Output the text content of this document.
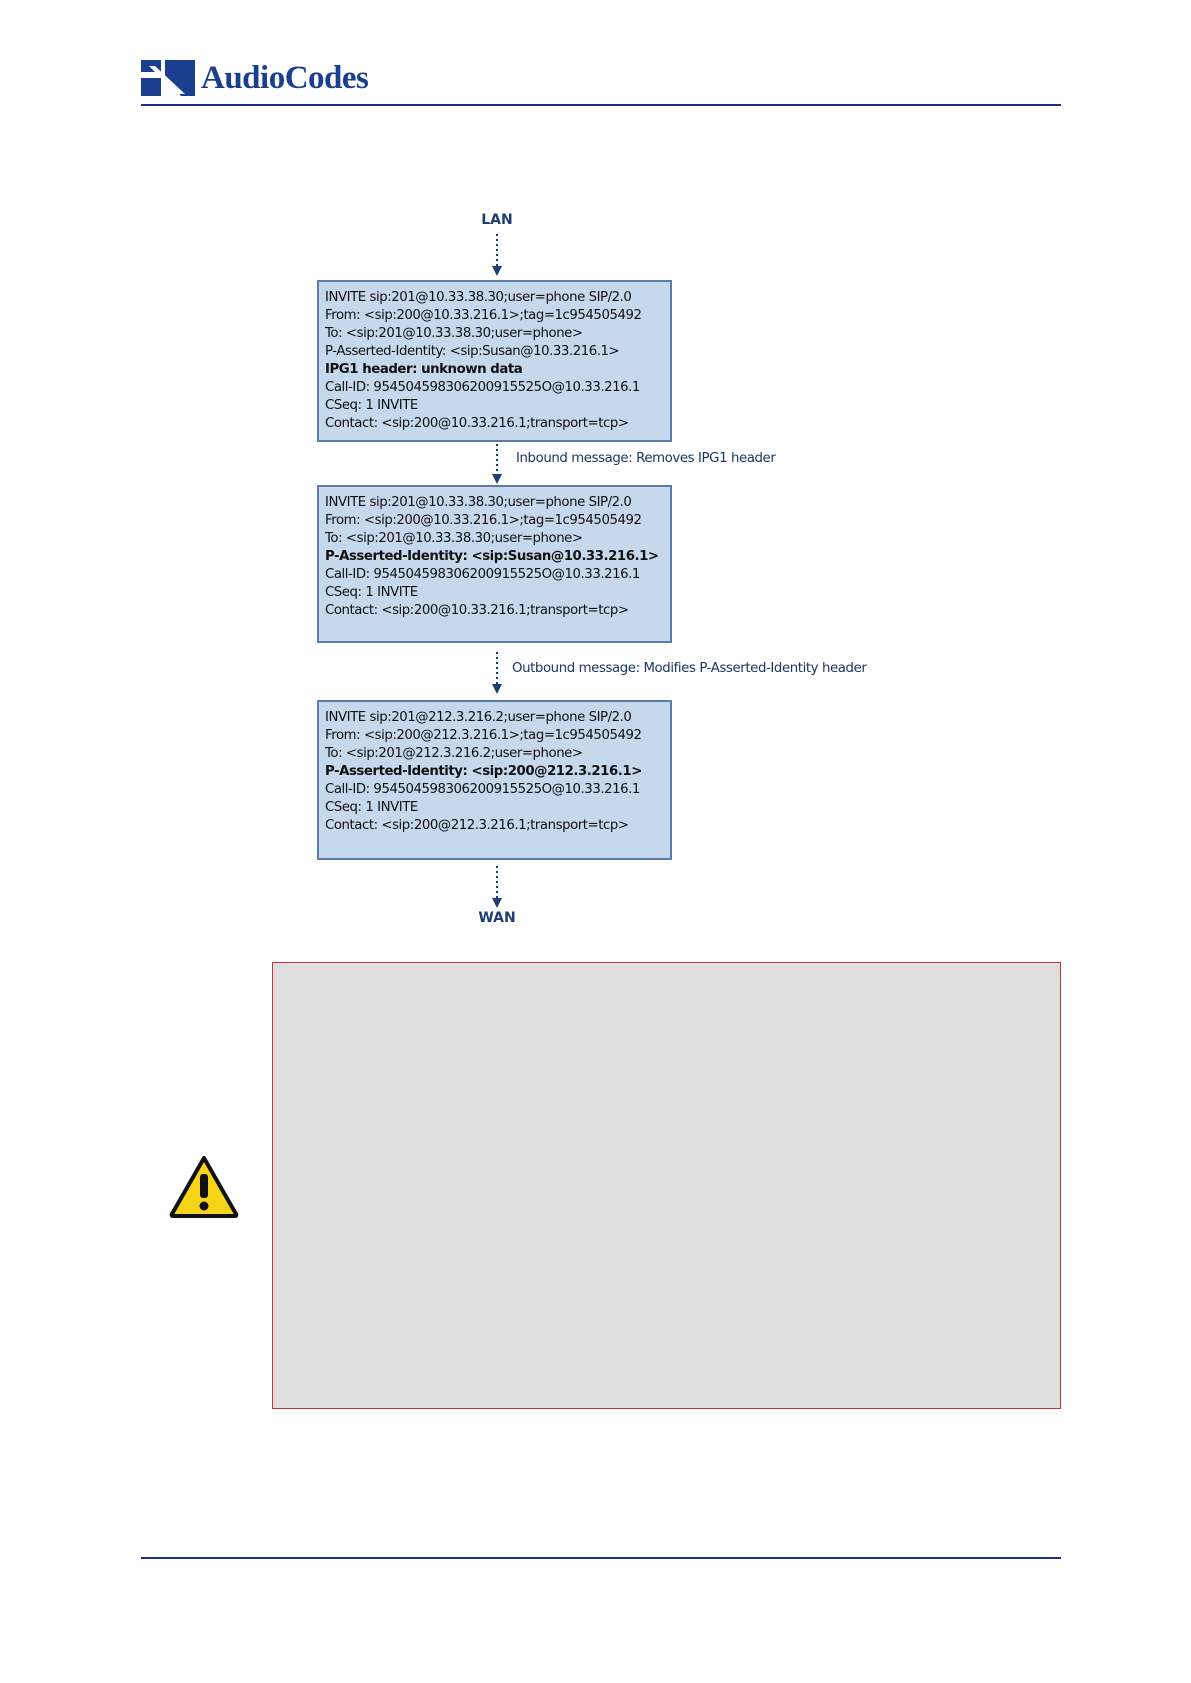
AudioCodes
LAN
INVITE sip:201@10.33.38.30;user=phone SIP/2.0
From: <sip:200@10.33.216.1>;tag=1c954505492
To: <sip:201@10.33.38.30;user=phone>
P-Asserted-Identity: <sip:Susan@10.33.216.1>
IPG1 header: unknown data
Call-ID: 954504598306200915525O@10.33.216.1
CSeq: 1 INVITE
Contact: <sip:200@10.33.216.1;transport=tcp>
Inbound message: Removes IPG1 header
INVITE sip:201@10.33.38.30;user=phone SIP/2.0
From: <sip:200@10.33.216.1>;tag=1c954505492
To: <sip:201@10.33.38.30;user=phone>
P-Asserted-Identity: <sip:Susan@10.33.216.1>
Call-ID: 954504598306200915525O@10.33.216.1
CSeq: 1 INVITE
Contact: <sip:200@10.33.216.1;transport=tcp>
Outbound message: Modifies P-Asserted-Identity header
INVITE sip:201@212.3.216.2;user=phone SIP/2.0
From: <sip:200@212.3.216.1>;tag=1c954505492
To: <sip:201@212.3.216.2;user=phone>
P-Asserted-Identity: <sip:200@212.3.216.1>
Call-ID: 954504598306200915525O@10.33.216.1
CSeq: 1 INVITE
Contact: <sip:200@212.3.216.1;transport=tcp>
WAN
